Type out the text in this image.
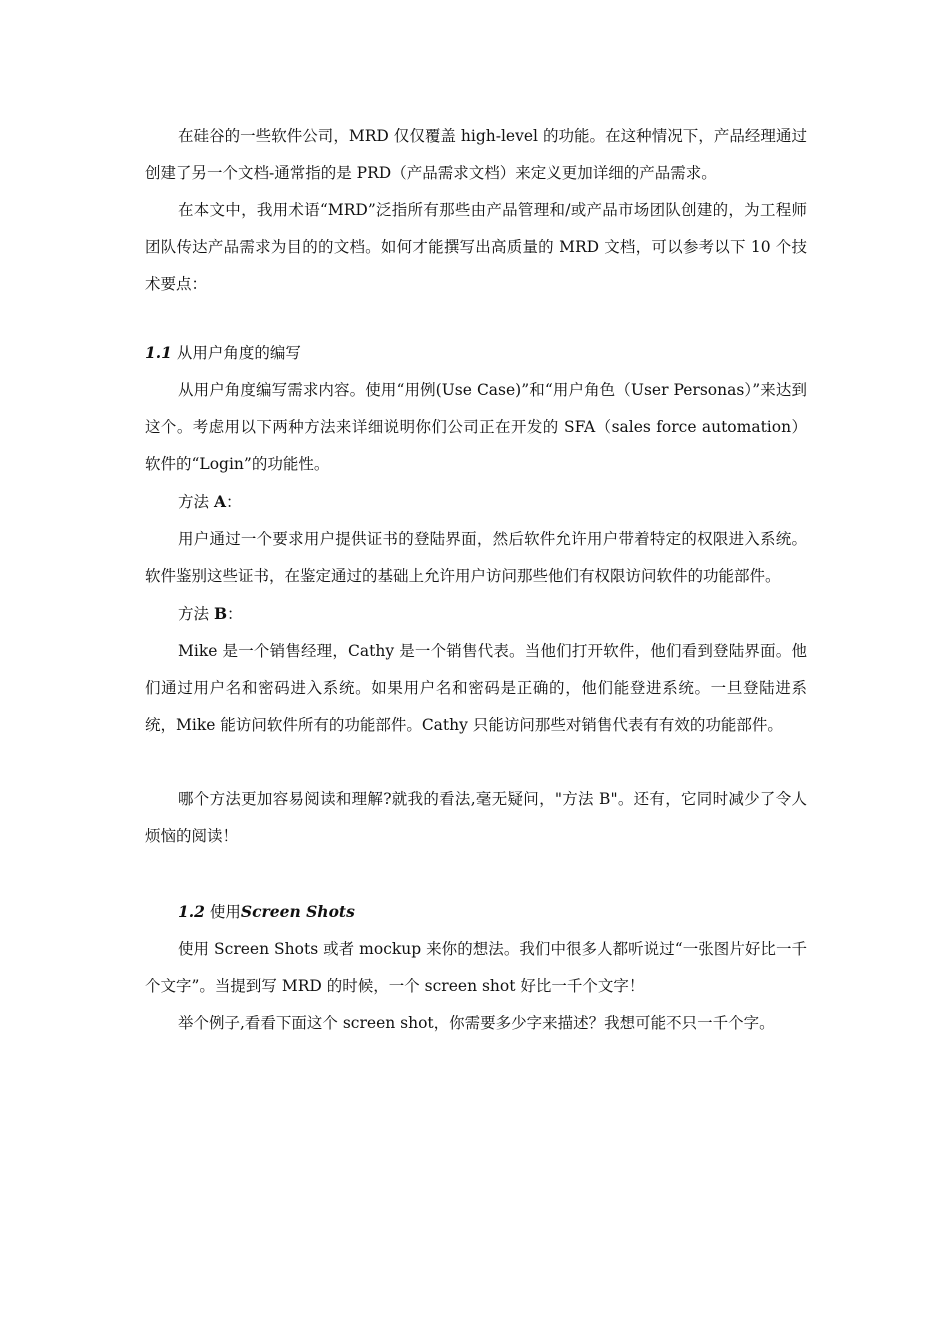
在硅谷的一些软件公司，MRD 仅仅覆盖 high-level 的功能。在这种情况下，产品经理通过创建了另一个文档-通常指的是 PRD（产品需求文档）来定义更加详细的产品需求。

在本文中，我用术语“MRD”泛指所有那些由产品管理和/或产品市场团队创建的，为工程师团队传达产品需求为目的的文档。如何才能撰写出高质量的 MRD 文档，可以参考以下 10 个技术要点：

1.1 从用户角度的编写

从用户角度编写需求内容。使用“用例(Use Case)”和“用户角色（User Personas）”来达到这个。考虑用以下两种方法来详细说明你们公司正在开发的 SFA（sales force automation）软件的“Login”的功能性。

方法 A：

用户通过一个要求用户提供证书的登陆界面，然后软件允许用户带着特定的权限进入系统。软件鉴别这些证书，在鉴定通过的基础上允许用户访问那些他们有权限访问软件的功能部件。

方法 B：

Mike 是一个销售经理，Cathy 是一个销售代表。当他们打开软件，他们看到登陆界面。他们通过用户名和密码进入系统。如果用户名和密码是正确的，他们能登进系统。一旦登陆进系统，Mike 能访问软件所有的功能部件。Cathy 只能访问那些对销售代表有有效的功能部件。

哪个方法更加容易阅读和理解?就我的看法,毫无疑问，"方法 B"。还有，它同时减少了令人烦恼的阅读！

1.2 使用Screen Shots

使用 Screen Shots 或者 mockup 来你的想法。我们中很多人都听说过“一张图片好比一千个文字”。当提到写 MRD 的时候，一个 screen shot 好比一千个文字！

举个例子,看看下面这个 screen shot，你需要多少字来描述？我想可能不只一千个字。
